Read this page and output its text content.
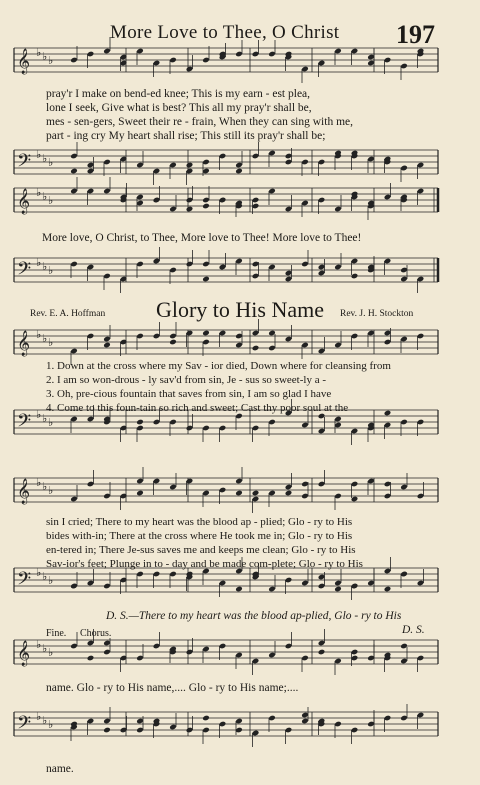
𝄞 ♭ ♭ ♭
𝄢 ♭ ♭ ♭
𝄞 ♭ ♭ ♭
𝄢 ♭ ♭ ♭
𝄞 ♭ ♭ ♭
𝄢 ♭ ♭ ♭
𝄞 ♭ ♭ ♭
𝄢 ♭ ♭ ♭
𝄞 ♭ ♭ ♭
𝄢 ♭ ♭ ♭
More Love to Thee, O Christ 197
pray'r I make on bend-ed knee; This is my earn - est plea,
lone I seek, Give what is best? This all my pray'r shall be,
mes - sen-gers, Sweet their re - frain, When they can sing with me,
part - ing cry My heart shall rise; This still its pray'r shall be;
More love, O Christ, to Thee, More love to Thee! More love to Thee!
Rev. E. A. Hoffman	Glory to His Name	Rev. J. H. Stockton
1. Down at the cross where my Sav - ior died, Down where for cleansing from
2. I am so won-drous - ly sav'd from sin, Je - sus so sweet-ly a -
3. Oh, pre-cious fountain that saves from sin, I am so glad I have
4. Come to this foun-tain so rich and sweet; Cast thy poor soul at the
sin I cried; There to my heart was the blood ap - plied; Glo - ry to His
bides with-in; There at the cross where He took me in; Glo - ry to His
en-tered in; There Je-sus saves me and keeps me clean; Glo - ry to His
Sav-ior's feet; Plunge in to - day and be made com-plete; Glo - ry to His
D. S.—There to my heart was the blood ap-plied, Glo - ry to His
Fine. Chorus.	D. S.
name. Glo - ry to His name,.... Glo - ry to His name;....
name.
